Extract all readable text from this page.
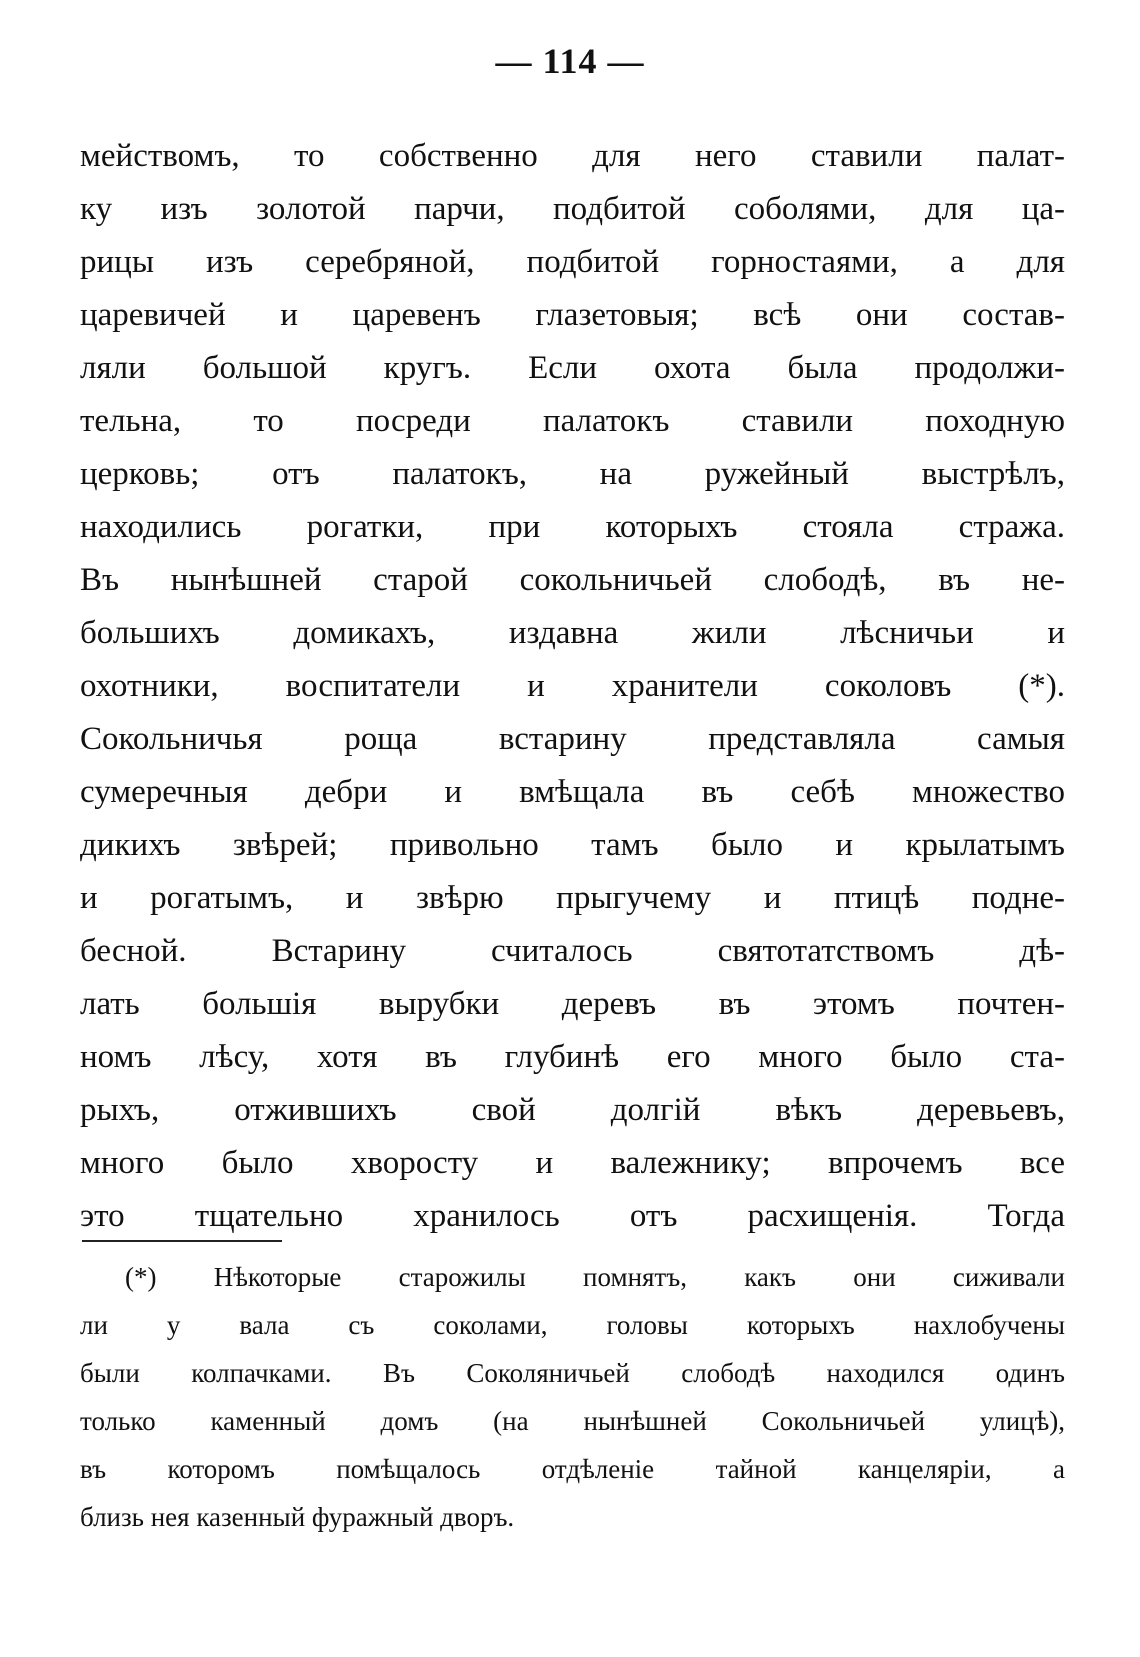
— 114 —
мействомъ, то собственно для него ставили палат-
ку изъ золотой парчи, подбитой соболями, для ца-
рицы изъ серебряной, подбитой горностаями, а для
царевичей и царевенъ глазетовыя; всѣ они состав-
ляли большой кругъ. Если охота была продолжи-
тельна, то посреди палатокъ ставили походную
церковь; отъ палатокъ, на ружейный выстрѣлъ,
находились рогатки, при которыхъ стояла стража.
Въ нынѣшней старой сокольничьей слободѣ, въ не-
большихъ домикахъ, издавна жили лѣсничьи и
охотники, воспитатели и хранители соколовъ (*).
Сокольничья роща встарину представляла самыя
сумеречныя дебри и вмѣщала въ себѣ множество
дикихъ звѣрей; привольно тамъ было и крылатымъ
и рогатымъ, и звѣрю прыгучему и птицѣ подне-
бесной. Встарину считалось святотатствомъ дѣ-
лать большія вырубки деревъ въ этомъ почтен-
номъ лѣсу, хотя въ глубинѣ его много было ста-
рыхъ, отжившихъ свой долгій вѣкъ деревьевъ,
много было хворосту и валежнику; впрочемъ все
это тщательно хранилось отъ расхищенія. Тогда
(*) Нѣкоторые старожилы помнятъ, какъ они сиживали
ли у вала съ соколами, головы которыхъ нахлобучены
были колпачками. Въ Соколяничьей слободѣ находился одинъ
только каменный домъ (на нынѣшней Сокольничьей улицѣ),
въ которомъ помѣщалось отдѣленіе тайной канцеляріи, а
близь нея казенный фуражный дворъ.
